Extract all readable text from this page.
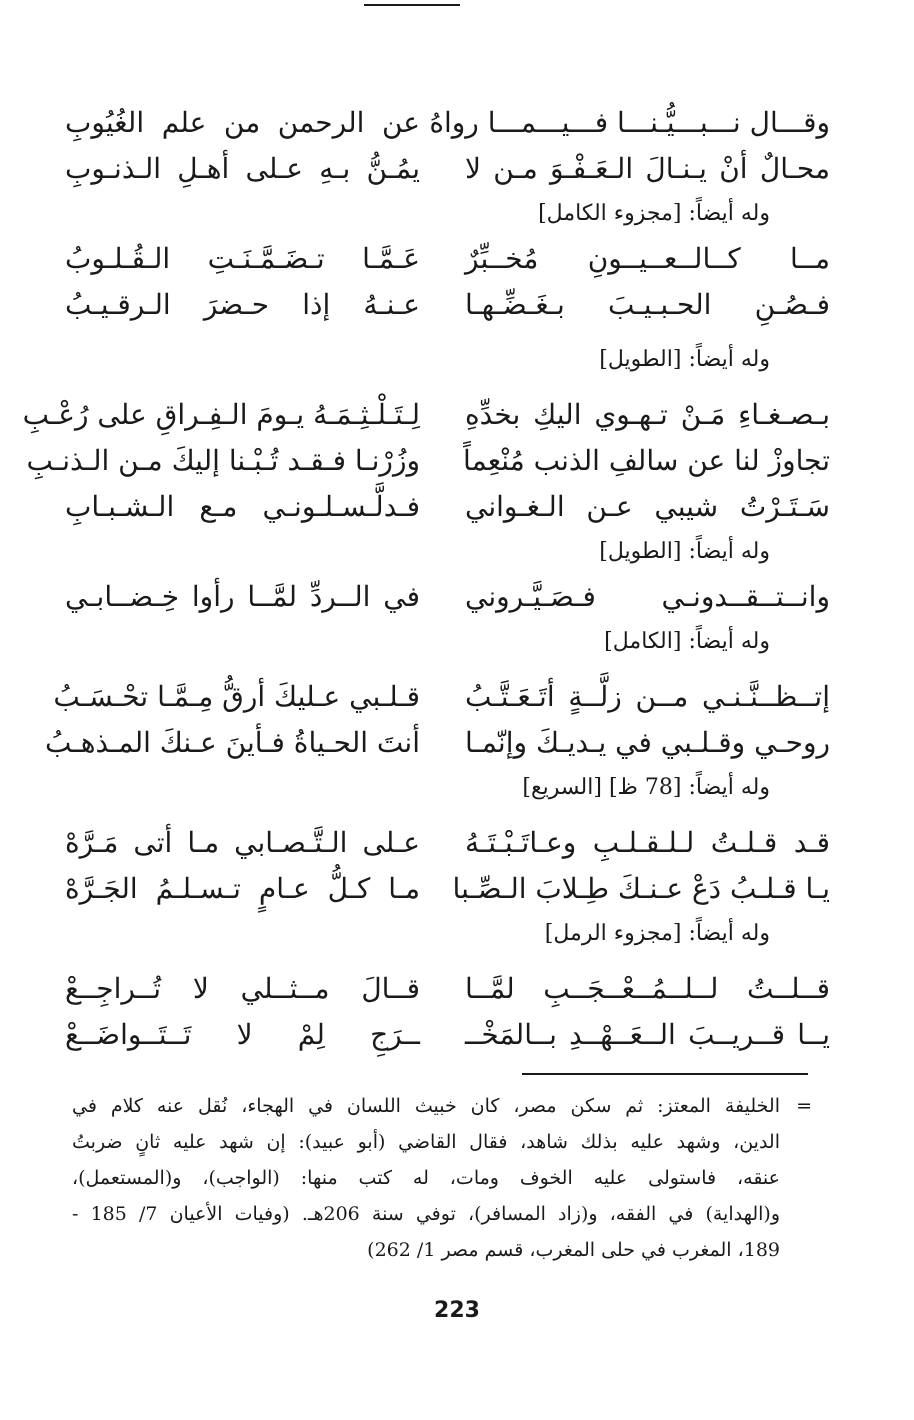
وقـــال نـــبـــيُّـنـــا فـــيـــمـــا رواهُ
عن الرحمن من علم الغُيُوبِ
محـالٌ أنْ يـنـالَ الـعَـفْـوَ مـن لا
يمُـنُّ بـهِ عـلى أهـلِ الـذنـوبِ
وله أيضاً: [مجزوء الكامل]
مــا كــالــعــيــونِ مُخــبِّرٌ
عَـمَّـا تـضَـمَّـنَـتِ الـقُـلـوبُ
فـصُـنِ الحـبـيـبَ بـغَـضِّـهـا
عـنـهُ إذا حـضرَ الـرقـيـبُ
وله أيضاً: [الطويل]
بـصـغـاءِ مَـنْ تـهـوي اليكِ بخدِّهِ
لِـتَـلْـثِـمَـهُ يـومَ الـفِـراقِ على رُعْـبِ
تجاوزْ لنا عن سالفِ الذنب مُنْعِماً
وزُرْنـا فـقـد تُـبْـنا إليكَ مـن الـذنـبِ
سَـتَـرْتُ شيبي عـن الـغـواني
فـدلَّـسـلـونـي مـع الـشـبـابِ
وله أيضاً: [الطويل]
وانــتــقــدونـي فـصَـيَّـروني
في الــردِّ لمَّــا رأوا خِـضــابـي
وله أيضاً: [الكامل]
إتــظــنَّـنـي مــن زلَّــةٍ أتَـعَـتَّـبُ
قـلـبي عـليكَ أرقُّ مِـمَّـا تحْـسَـبُ
روحـي وقـلـبي في يـديـكَ وإنّمـا
أنتَ الحـياةُ فـأينَ عـنكَ المـذهـبُ
وله أيضاً: [78 ظ] [السريع]
قـد قـلـتُ لـلـقـلـبِ وعـاتَـبْـتَـهُ
عـلى الـتَّـصـابي مـا أتى مَـرَّهْ
يـا قـلـبُ دَعْ عـنـكَ طِـلابَ الـصِّـبا
مـا كـلُّ عـامٍ تـسـلـمُ الجَـرَّهْ
وله أيضاً: [مجزوء الرمل]
قــلــتُ لــلــمُــعْــجَــبِ لمَّــا
قــالَ مــثــلي لا تُــراجِــعْ
يــا قــريــبَ الــعَــهْــدِ بــالمَخْــ
ــرَجِ لِمْ لا تَــتَــواضَــعْ
=
الخليفة المعتز: ثم سكن مصر، كان خبيث اللسان في الهجاء، نُقل عنه كلام في
الدين، وشهد عليه بذلك شاهد، فقال القاضي (أبو عبيد): إن شهد عليه ثانٍ ضربتُ
عنقه، فاستولى عليه الخوف ومات، له كتب منها: (الواجب)، و(المستعمل)،
و(الهداية) في الفقه، و(زاد المسافر)، توفي سنة 206هـ. (وفيات الأعيان 7/ 185 -
189، المغرب في حلى المغرب، قسم مصر 1/ 262)
223
